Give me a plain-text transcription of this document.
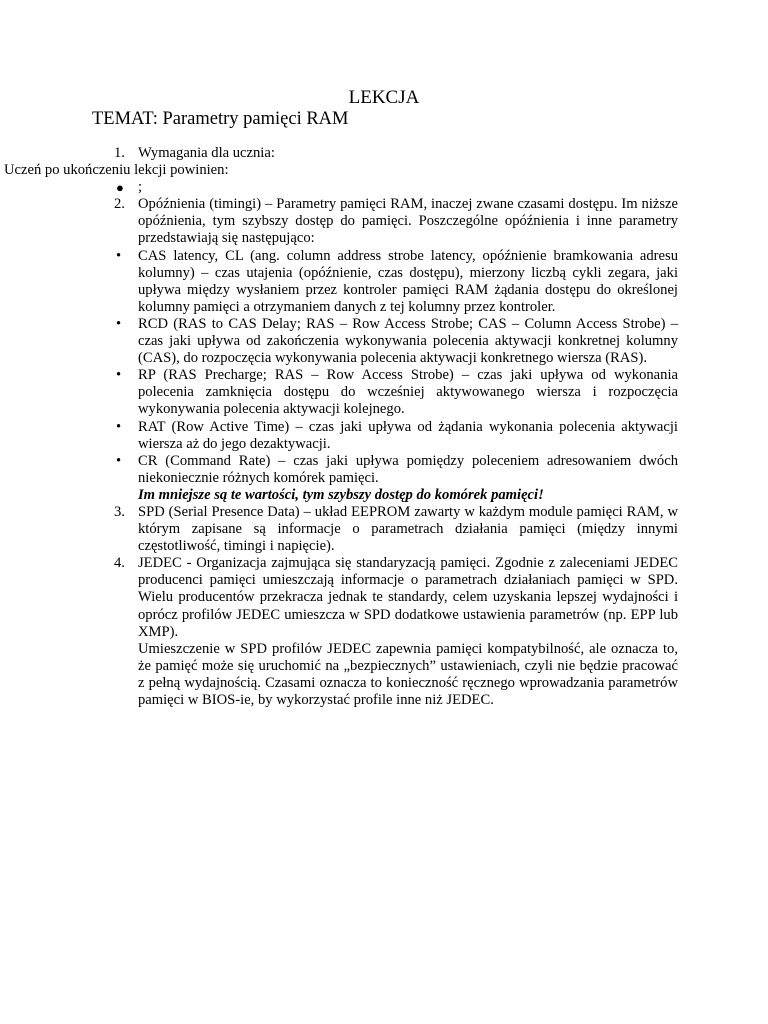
LEKCJA
TEMAT: Parametry pamięci RAM
1. Wymagania dla ucznia:
Uczeń po ukończeniu lekcji powinien:
● ;
2. Opóźnienia (timingi) – Parametry pamięci RAM, inaczej zwane czasami dostępu. Im niższe opóźnienia, tym szybszy dostęp do pamięci. Poszczególne opóźnienia i inne parametry przedstawiają się następująco:
• CAS latency, CL (ang. column address strobe latency, opóźnienie bramkowania adresu kolumny) – czas utajenia (opóźnienie, czas dostępu), mierzony liczbą cykli zegara, jaki upływa między wysłaniem przez kontroler pamięci RAM żądania dostępu do określonej kolumny pamięci a otrzymaniem danych z tej kolumny przez kontroler.
• RCD (RAS to CAS Delay; RAS – Row Access Strobe; CAS – Column Access Strobe) – czas jaki upływa od zakończenia wykonywania polecenia aktywacji konkretnej kolumny (CAS), do rozpoczęcia wykonywania polecenia aktywacji konkretnego wiersza (RAS).
• RP (RAS Precharge; RAS – Row Access Strobe) – czas jaki upływa od wykonania polecenia zamknięcia dostępu do wcześniej aktywowanego wiersza i rozpoczęcia wykonywania polecenia aktywacji kolejnego.
• RAT (Row Active Time) – czas jaki upływa od żądania wykonania polecenia aktywacji wiersza aż do jego dezaktywacji.
• CR (Command Rate) – czas jaki upływa pomiędzy poleceniem adresowaniem dwóch niekoniecznie różnych komórek pamięci.
Im mniejsze są te wartości, tym szybszy dostęp do komórek pamięci!
3. SPD (Serial Presence Data) – układ EEPROM zawarty w każdym module pamięci RAM, w którym zapisane są informacje o parametrach działania pamięci (między innymi częstotliwość, timingi i napięcie).
4. JEDEC - Organizacja zajmująca się standaryzacją pamięci. Zgodnie z zaleceniami JEDEC producenci pamięci umieszczają informacje o parametrach działaniach pamięci w SPD. Wielu producentów przekracza jednak te standardy, celem uzyskania lepszej wydajności i oprócz profilów JEDEC umieszcza w SPD dodatkowe ustawienia parametrów (np. EPP lub XMP).
Umieszczenie w SPD profilów JEDEC zapewnia pamięci kompatybilność, ale oznacza to, że pamięć może się uruchomić na „bezpiecznych” ustawieniach, czyli nie będzie pracować z pełną wydajnością. Czasami oznacza to konieczność ręcznego wprowadzania parametrów pamięci w BIOS-ie, by wykorzystać profile inne niż JEDEC.
